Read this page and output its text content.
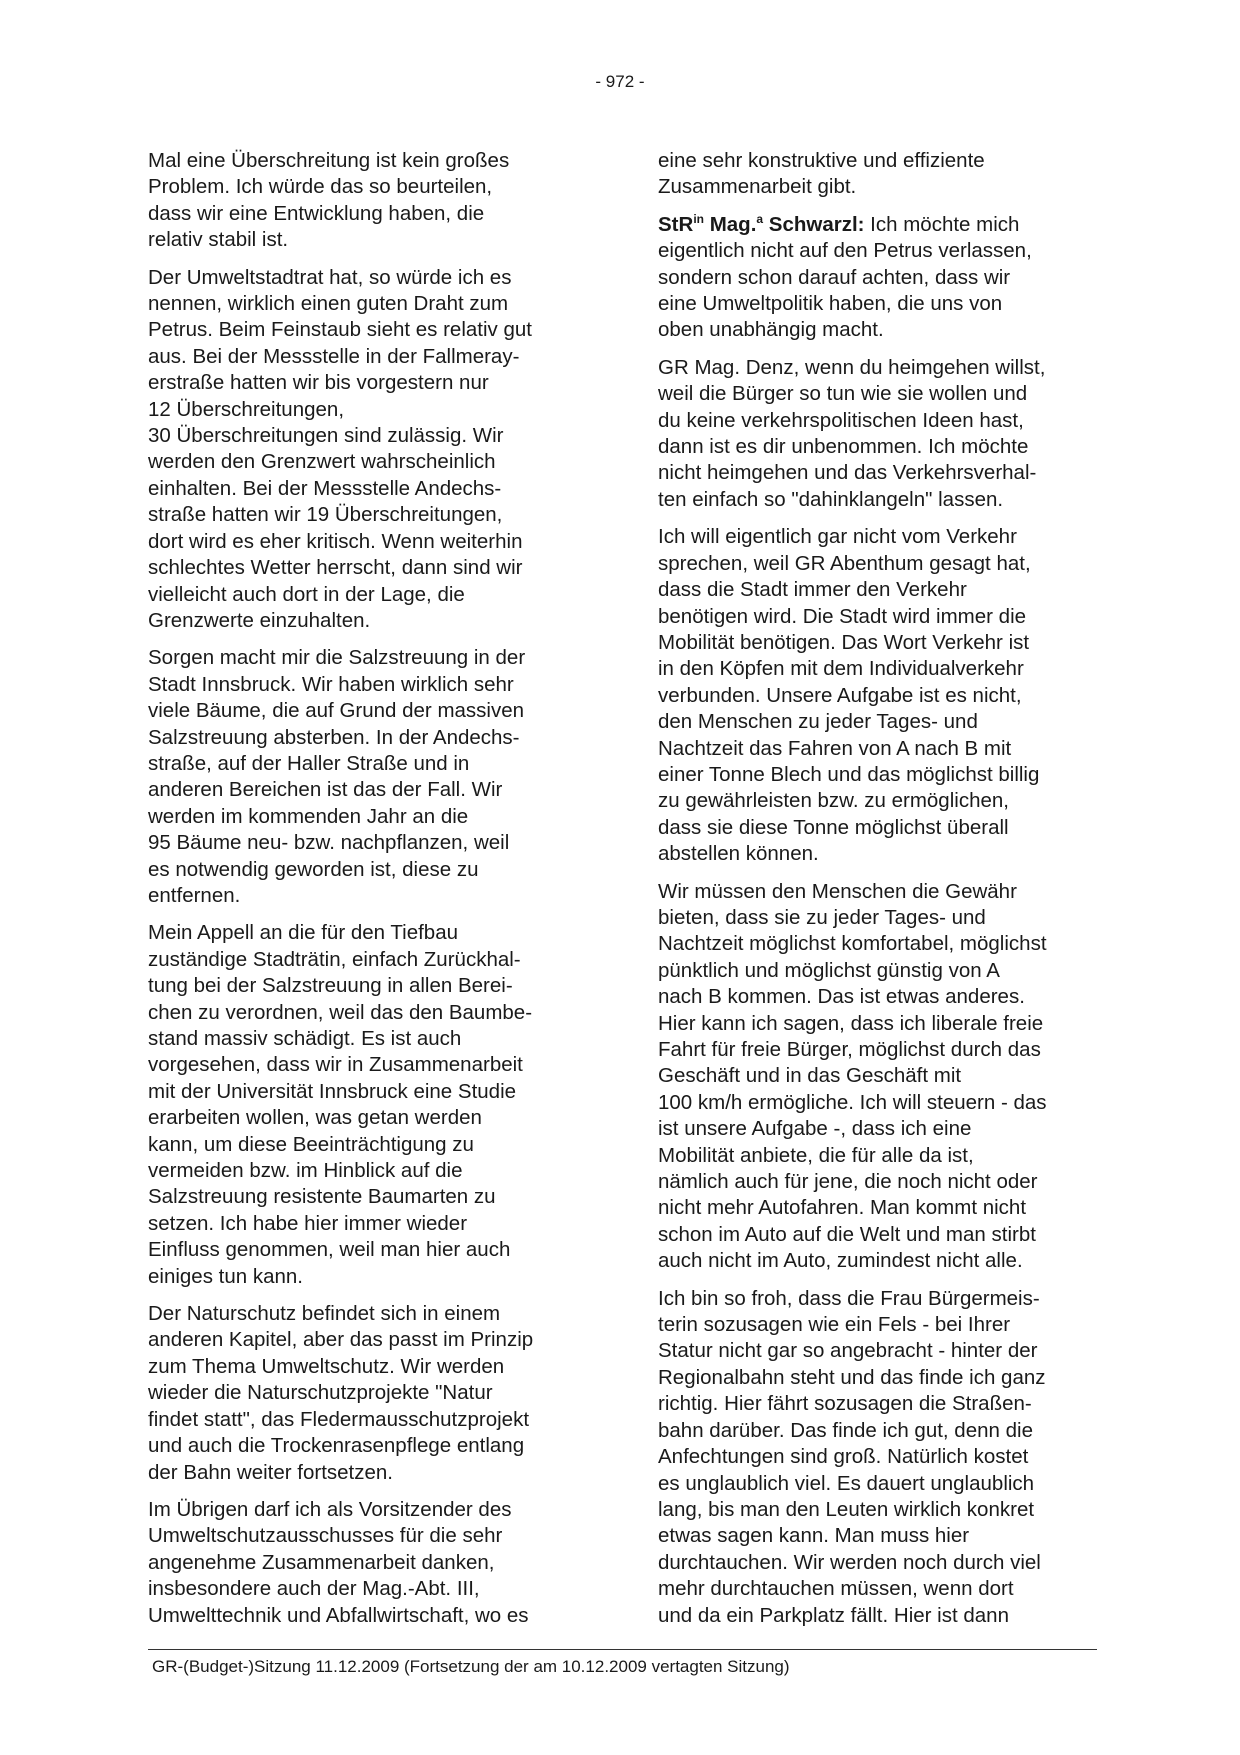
- 972 -

Mal eine Überschreitung ist kein großes
Problem. Ich würde das so beurteilen,
dass wir eine Entwicklung haben, die
relativ stabil ist.

Der Umweltstadtrat hat, so würde ich es
nennen, wirklich einen guten Draht zum
Petrus. Beim Feinstaub sieht es relativ gut
aus. Bei der Messstelle in der Fallmeray-
erstraße hatten wir bis vorgestern nur
12 Überschreitungen,
30 Überschreitungen sind zulässig. Wir
werden den Grenzwert wahrscheinlich
einhalten. Bei der Messstelle Andechs-
straße hatten wir 19 Überschreitungen,
dort wird es eher kritisch. Wenn weiterhin
schlechtes Wetter herrscht, dann sind wir
vielleicht auch dort in der Lage, die
Grenzwerte einzuhalten.

Sorgen macht mir die Salzstreuung in der
Stadt Innsbruck. Wir haben wirklich sehr
viele Bäume, die auf Grund der massiven
Salzstreuung absterben. In der Andechs-
straße, auf der Haller Straße und in
anderen Bereichen ist das der Fall. Wir
werden im kommenden Jahr an die
95 Bäume neu- bzw. nachpflanzen, weil
es notwendig geworden ist, diese zu
entfernen.

Mein Appell an die für den Tiefbau
zuständige Stadträtin, einfach Zurückhal-
tung bei der Salzstreuung in allen Berei-
chen zu verordnen, weil das den Baumbe-
stand massiv schädigt. Es ist auch
vorgesehen, dass wir in Zusammenarbeit
mit der Universität Innsbruck eine Studie
erarbeiten wollen, was getan werden
kann, um diese Beeinträchtigung zu
vermeiden bzw. im Hinblick auf die
Salzstreuung resistente Baumarten zu
setzen. Ich habe hier immer wieder
Einfluss genommen, weil man hier auch
einiges tun kann.

Der Naturschutz befindet sich in einem
anderen Kapitel, aber das passt im Prinzip
zum Thema Umweltschutz. Wir werden
wieder die Naturschutzprojekte "Natur
findet statt", das Fledermausschutzprojekt
und auch die Trockenrasenpflege entlang
der Bahn weiter fortsetzen.

Im Übrigen darf ich als Vorsitzender des
Umweltschutzausschusses für die sehr
angenehme Zusammenarbeit danken,
insbesondere auch der Mag.-Abt. III,
Umwelttechnik und Abfallwirtschaft, wo es

eine sehr konstruktive und effiziente
Zusammenarbeit gibt.

StR$^{in}$ Mag.$^a$ Schwarzl: Ich möchte mich
eigentlich nicht auf den Petrus verlassen,
sondern schon darauf achten, dass wir
eine Umweltpolitik haben, die uns von
oben unabhängig macht.

GR Mag. Denz, wenn du heimgehen willst,
weil die Bürger so tun wie sie wollen und
du keine verkehrspolitischen Ideen hast,
dann ist es dir unbenommen. Ich möchte
nicht heimgehen und das Verkehrsverhal-
ten einfach so "dahinklangeln" lassen.

Ich will eigentlich gar nicht vom Verkehr
sprechen, weil GR Abenthum gesagt hat,
dass die Stadt immer den Verkehr
benötigen wird. Die Stadt wird immer die
Mobilität benötigen. Das Wort Verkehr ist
in den Köpfen mit dem Individualverkehr
verbunden. Unsere Aufgabe ist es nicht,
den Menschen zu jeder Tages- und
Nachtzeit das Fahren von A nach B mit
einer Tonne Blech und das möglichst billig
zu gewährleisten bzw. zu ermöglichen,
dass sie diese Tonne möglichst überall
abstellen können.

Wir müssen den Menschen die Gewähr
bieten, dass sie zu jeder Tages- und
Nachtzeit möglichst komfortabel, möglichst
pünktlich und möglichst günstig von A
nach B kommen. Das ist etwas anderes.
Hier kann ich sagen, dass ich liberale freie
Fahrt für freie Bürger, möglichst durch das
Geschäft und in das Geschäft mit
100 km/h ermögliche. Ich will steuern - das
ist unsere Aufgabe -, dass ich eine
Mobilität anbiete, die für alle da ist,
nämlich auch für jene, die noch nicht oder
nicht mehr Autofahren. Man kommt nicht
schon im Auto auf die Welt und man stirbt
auch nicht im Auto, zumindest nicht alle.

Ich bin so froh, dass die Frau Bürgermeis-
terin sozusagen wie ein Fels - bei Ihrer
Statur nicht gar so angebracht - hinter der
Regionalbahn steht und das finde ich ganz
richtig. Hier fährt sozusagen die Straßen-
bahn darüber. Das finde ich gut, denn die
Anfechtungen sind groß. Natürlich kostet
es unglaublich viel. Es dauert unglaublich
lang, bis man den Leuten wirklich konkret
etwas sagen kann. Man muss hier
durchtauchen. Wir werden noch durch viel
mehr durchtauchen müssen, wenn dort
und da ein Parkplatz fällt. Hier ist dann

GR-(Budget-)Sitzung 11.12.2009 (Fortsetzung der am 10.12.2009 vertagten Sitzung)
